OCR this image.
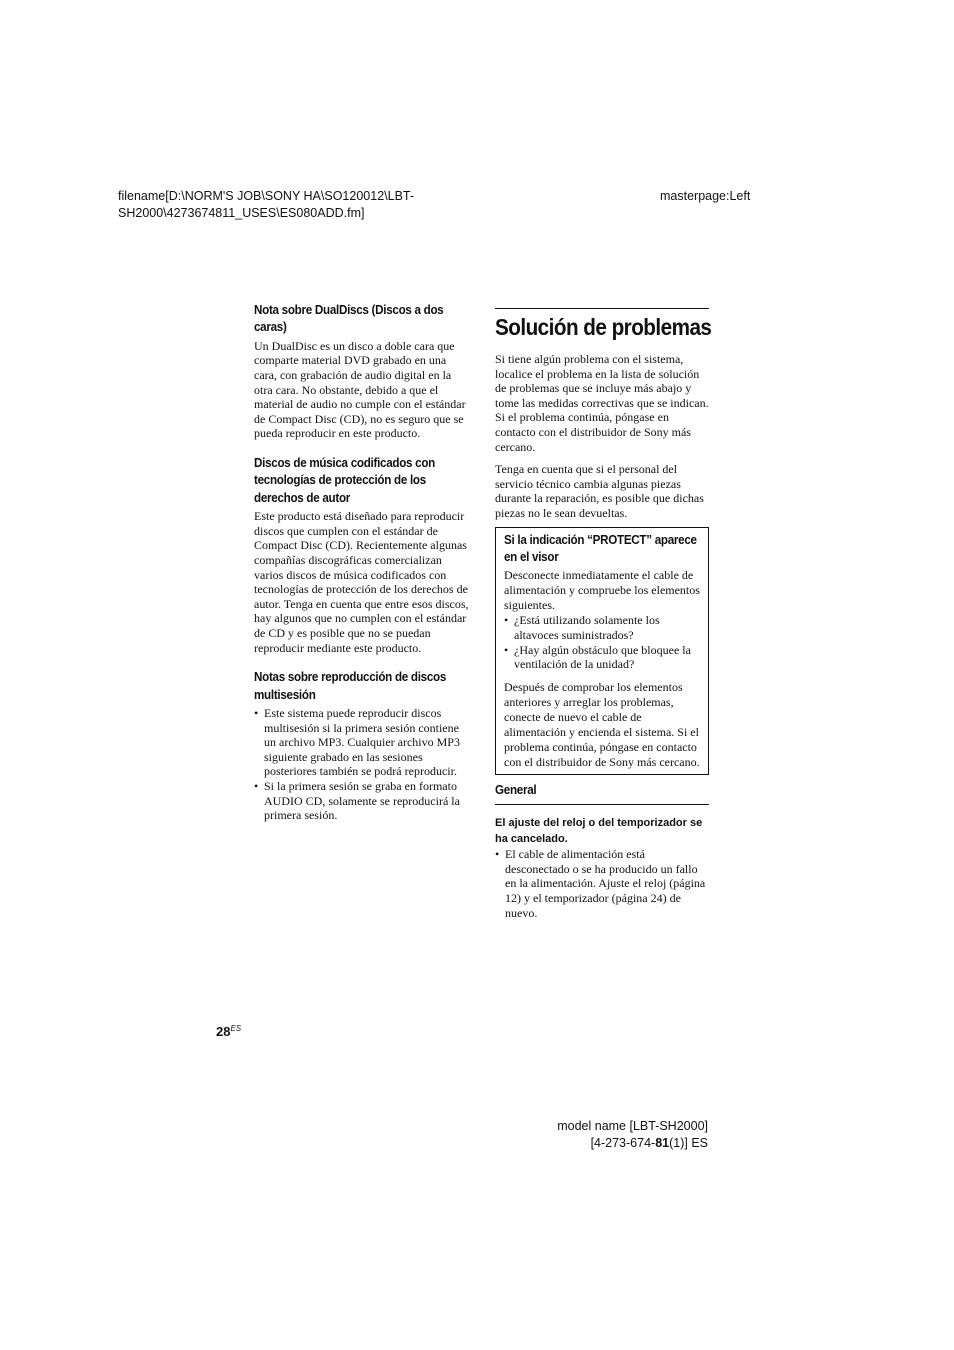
filename[D:\NORM'S JOB\SONY HA\SO120012\LBT-
SH2000\4273674811_USES\ES080ADD.fm]
masterpage:Left
Nota sobre DualDiscs (Discos a dos caras)

Un DualDisc es un disco a doble cara que comparte material DVD grabado en una cara, con grabación de audio digital en la otra cara. No obstante, debido a que el material de audio no cumple con el estándar de Compact Disc (CD), no es seguro que se pueda reproducir en este producto.

Discos de música codificados con tecnologías de protección de los derechos de autor

Este producto está diseñado para reproducir discos que cumplen con el estándar de Compact Disc (CD). Recientemente algunas compañías discográficas comercializan varios discos de música codificados con tecnologías de protección de los derechos de autor. Tenga en cuenta que entre esos discos, hay algunos que no cumplen con el estándar de CD y es posible que no se puedan reproducir mediante este producto.

Notas sobre reproducción de discos multisesión
• Este sistema puede reproducir discos multisesión si la primera sesión contiene un archivo MP3. Cualquier archivo MP3 siguiente grabado en las sesiones posteriores también se podrá reproducir.
• Si la primera sesión se graba en formato AUDIO CD, solamente se reproducirá la primera sesión.
Solución de problemas

Si tiene algún problema con el sistema, localice el problema en la lista de solución de problemas que se incluye más abajo y tome las medidas correctivas que se indican.

Si el problema continúa, póngase en contacto con el distribuidor de Sony más cercano.

Tenga en cuenta que si el personal del servicio técnico cambia algunas piezas durante la reparación, es posible que dichas piezas no le sean devueltas.

Si la indicación “PROTECT” aparece en el visor

Desconecte inmediatamente el cable de alimentación y compruebe los elementos siguientes.

• ¿Está utilizando solamente los altavoces suministrados?
• ¿Hay algún obstáculo que bloquee la ventilación de la unidad?

Después de comprobar los elementos anteriores y arreglar los problemas, conecte de nuevo el cable de alimentación y encienda el sistema. Si el problema continúa, póngase en contacto con el distribuidor de Sony más cercano.

General
El ajuste del reloj o del temporizador se ha cancelado.
• El cable de alimentación está desconectado o se ha producido un fallo en la alimentación. Ajuste el reloj (página 12) y el temporizador (página 24) de nuevo.
$28^{ES}$
model name [LBT-SH2000]
[4-273-674-81(1)] ES
